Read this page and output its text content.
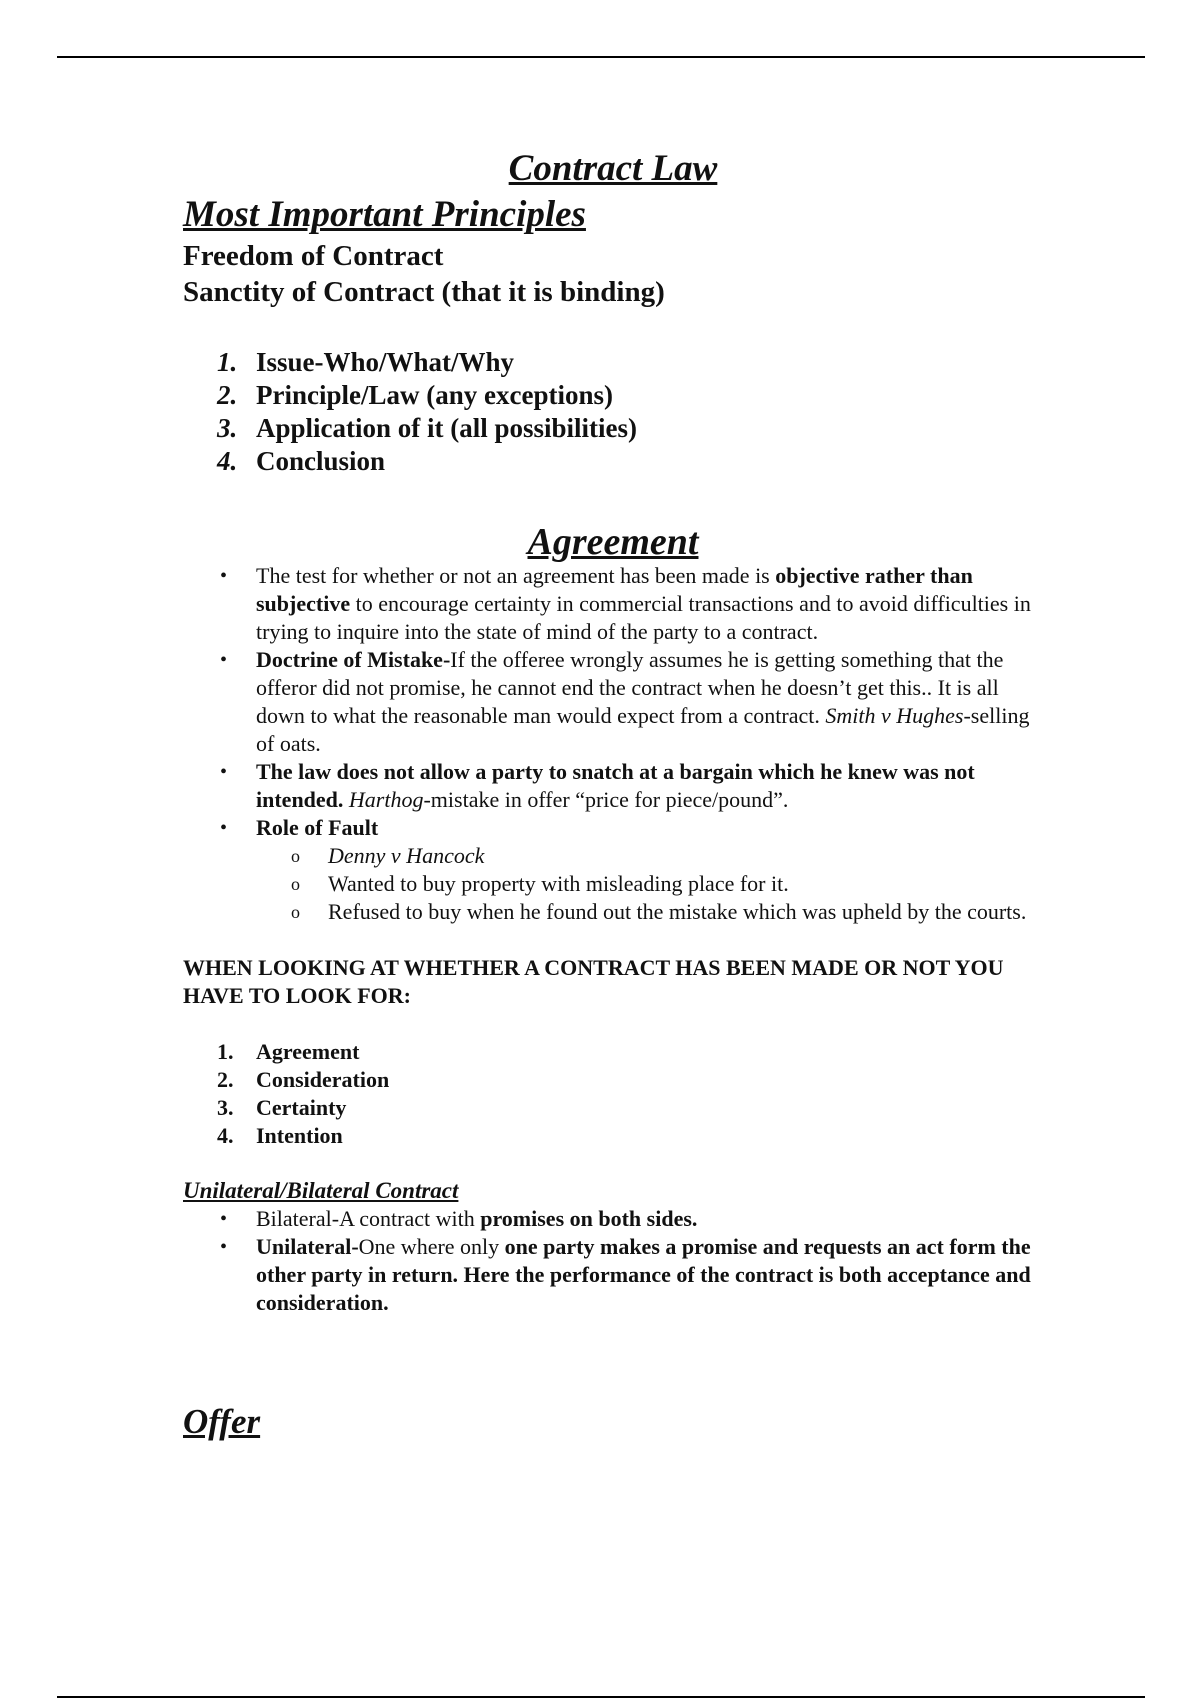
Contract Law
Most Important Principles

Freedom of Contract

Sanctity of Contract (that it is binding)

1. Issue-Who/What/Why
2. Principle/Law (any exceptions)
3. Application of it (all possibilities)
4. Conclusion
Agreement
• The test for whether or not an agreement has been made is objective rather than subjective to encourage certainty in commercial transactions and to avoid difficulties in trying to inquire into the state of mind of the party to a contract.
• Doctrine of Mistake-If the offeree wrongly assumes he is getting something that the offeror did not promise, he cannot end the contract when he doesn’t get this.. It is all down to what the reasonable man would expect from a contract. Smith v Hughes-selling of oats.
• The law does not allow a party to snatch at a bargain which he knew was not intended. Harthog-mistake in offer “price for piece/pound”.
• Role of Fault
o Denny v Hancock
o Wanted to buy property with misleading place for it.
o Refused to buy when he found out the mistake which was upheld by the courts.

WHEN LOOKING AT WHETHER A CONTRACT HAS BEEN MADE OR NOT YOU HAVE TO LOOK FOR:

1. Agreement
2. Consideration
3. Certainty
4. Intention

Unilateral/Bilateral Contract

• Bilateral-A contract with promises on both sides.
• Unilateral-One where only one party makes a promise and requests an act form the other party in return. Here the performance of the contract is both acceptance and consideration.
Offer
